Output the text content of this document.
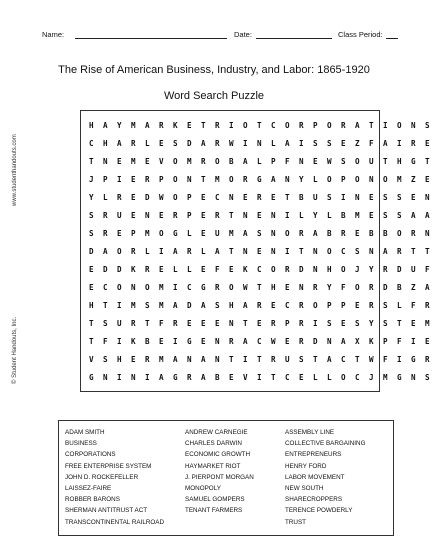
Name:	Date:	Class Period:
The Rise of American Business, Industry, and Labor: 1865-1920
Word Search Puzzle
H A Y M A R K E T R I O T C O R P O R A T I O N S
C H A R L E S D A R W I N L A I S S E Z F A I R E
T N E M E V O M R O B A L P F N E W S O U T H G T
J P I E R P O N T M O R G A N Y L O P O N O M Z E
Y L R E D W O P E C N E R E T B U S I N E S S E N
S R U E N E R P E R T N E N I L Y L B M E S S A A
S R E P M O G L E U M A S N O R A B R E B B O R N
D A O R L I A R L A T N E N I T N O C S N A R T T
E D D K R E L L E F E K C O R D N H O J Y R D U F
E C O N O M I C G R O W T H E N R Y F O R D B Z A
H T I M S M A D A S H A R E C R O P P E R S L F R
T S U R T F R E E E N T E R P R I S E S Y S T E M
T F I K B E I G E N R A C W E R D N A X K P F I E
V S H E R M A N A N T I T R U S T A C T W F I G R
G N I N I A G R A B E V I T C E L L O C J M G N S
ADAM SMITH
BUSINESS
CORPORATIONS
FREE ENTERPRISE SYSTEM
JOHN D. ROCKEFELLER
LAISSEZ-FAIRE
ROBBER BARONS
SHERMAN ANTITRUST ACT
TRANSCONTINENTAL RAILROAD
ANDREW CARNEGIE
CHARLES DARWIN
ECONOMIC GROWTH
HAYMARKET RIOT
J. PIERPONT MORGAN
MONOPOLY
SAMUEL GOMPERS
TENANT FARMERS
ASSEMBLY LINE
COLLECTIVE BARGAINING
ENTREPRENEURS
HENRY FORD
LABOR MOVEMENT
NEW SOUTH
SHARECROPPERS
TERENCE POWDERLY
TRUST
www.studenthandouts.com
© Student Handouts, Inc.
